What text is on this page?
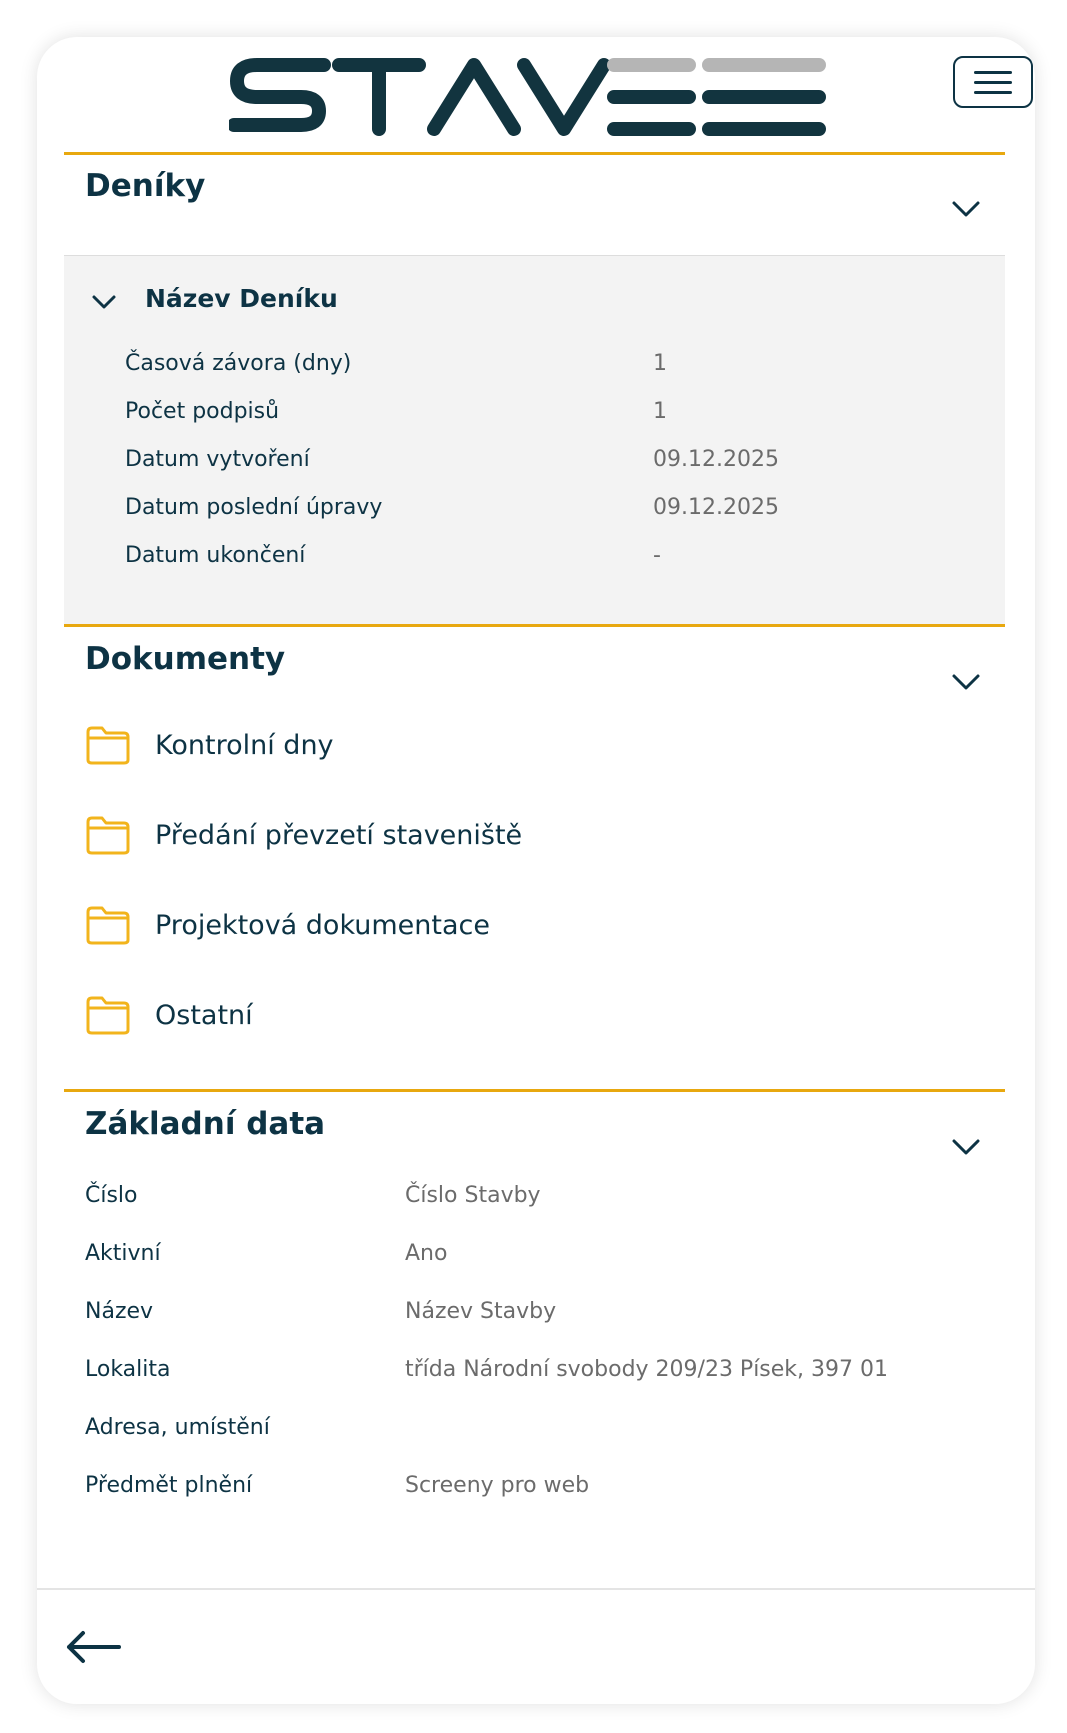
Deníky
Název Deníku
Časová závora (dny)	1
Počet podpisů	1
Datum vytvoření	09.12.2025
Datum poslední úpravy	09.12.2025
Datum ukončení	-
Dokumenty
Kontrolní dny
Předání převzetí staveniště
Projektová dokumentace
Ostatní
Základní data
Číslo	Číslo Stavby
Aktivní	Ano
Název	Název Stavby
Lokalita	třída Národní svobody 209/23 Písek, 397 01
Adresa, umístění
Předmět plnění	Screeny pro web
